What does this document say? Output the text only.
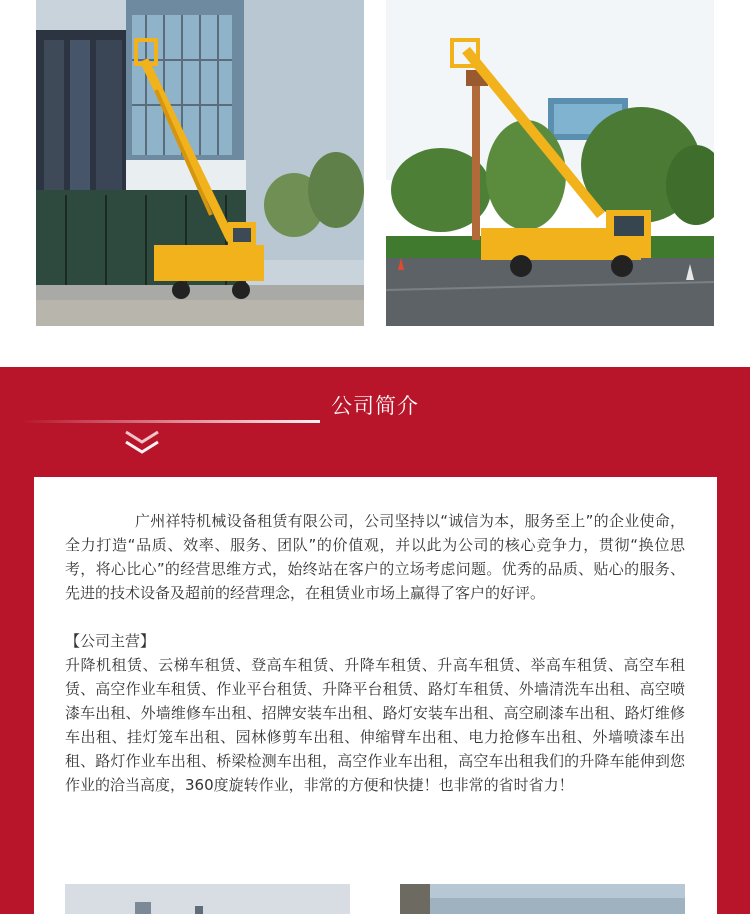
公司简介

广州祥特机械设备租赁有限公司，公司坚持以“诚信为本，服务至上”的企业使命，全力打造“品质、效率、服务、团队”的价值观，并以此为公司的核心竞争力，贯彻“换位思考，将心比心”的经营思维方式，始终站在客户的立场考虑问题。优秀的品质、贴心的服务、先进的技术设备及超前的经营理念，在租赁业市场上赢得了客户的好评。

【公司主营】

升降机租赁、云梯车租赁、登高车租赁、升降车租赁、升高车租赁、举高车租赁、高空车租赁、高空作业车租赁、作业平台租赁、升降平台租赁、路灯车租赁、外墙清洗车出租、高空喷漆车出租、外墙维修车出租、招牌安装车出租、路灯安装车出租、高空刷漆车出租、路灯维修车出租、挂灯笼车出租、园林修剪车出租、伸缩臂车出租、电力抢修车出租、外墙喷漆车出租、路灯作业车出租、桥梁检测车出租，高空作业车出租，高空车出租我们的升降车能伸到您作业的洽当高度，360度旋转作业，非常的方便和快捷！也非常的省时省力！
